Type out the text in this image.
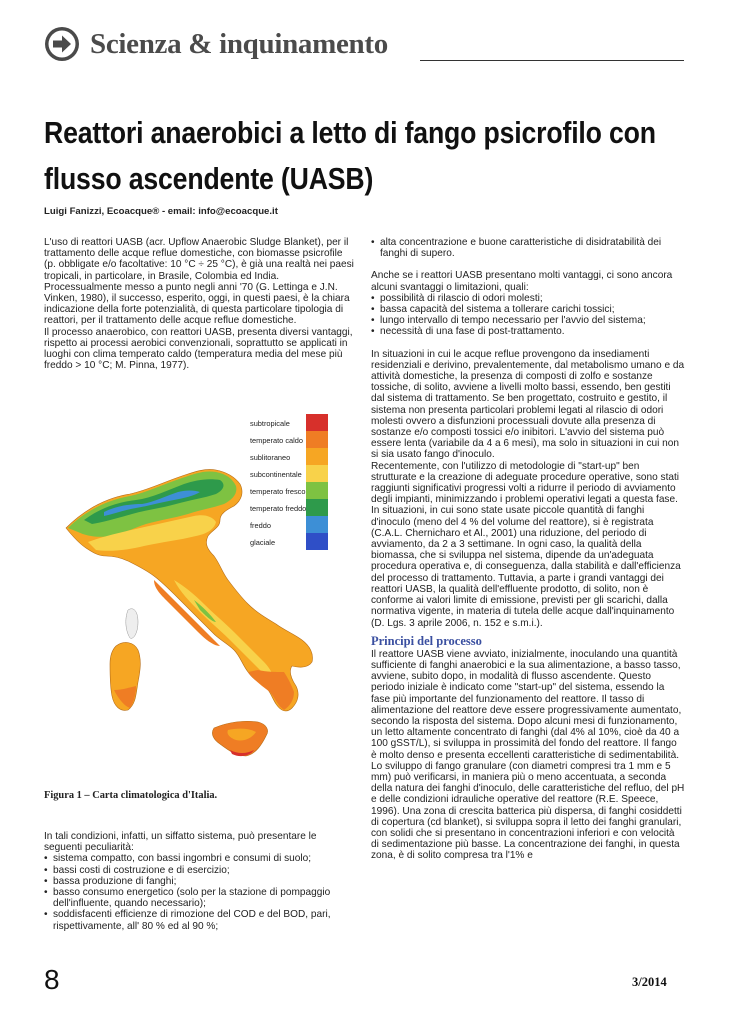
Scienza & inquinamento
Reattori anaerobici a letto di fango psicrofilo con
flusso ascendente (UASB)
Luigi Fanizzi, Ecoacque® - email: info@ecoacque.it

L'uso di reattori UASB (acr. Upflow Anaerobic Sludge Blanket), per il trattamento delle acque reflue domestiche, con biomasse psicrofile (p. obbligate e/o facoltative: 10 °C ÷ 25 °C), è già una realtà nei paesi tropicali, in particolare, in Brasile, Colombia ed India. Processualmente messo a punto negli anni '70 (G. Lettinga e J.N. Vinken, 1980), il successo, esperito, oggi, in questi paesi, è la chiara indicazione della forte potenzialità, di questa particolare tipologia di reattori, per il trattamento delle acque reflue domestiche.

Il processo anaerobico, con reattori UASB, presenta diversi vantaggi, rispetto ai processi aerobici convenzionali, soprattutto se applicati in luoghi con clima temperato caldo (temperatura media del mese più freddo > 10 °C; M. Pinna, 1977).

subtropicale
temperato caldo
sublitoraneo
subcontinentale
temperato fresco
temperato freddo
freddo
glaciale
Figura 1 – Carta climatologica d'Italia.

In tali condizioni, infatti, un siffatto sistema, può presentare le seguenti peculiarità:

• sistema compatto, con bassi ingombri e consumi di suolo;
• bassi costi di costruzione e di esercizio;
• bassa produzione di fanghi;
• basso consumo energetico (solo per la stazione di pompaggio dell'influente, quando necessario);
• soddisfacenti efficienze di rimozione del COD e del BOD, pari, rispettivamente, all' 80 % ed al 90 %;
• alta concentrazione e buone caratteristiche di disidratabilità dei fanghi di supero.

Anche se i reattori UASB presentano molti vantaggi, ci sono ancora alcuni svantaggi o limitazioni, quali:

• possibilità di rilascio di odori molesti;
• bassa capacità del sistema a tollerare carichi tossici;
• lungo intervallo di tempo necessario per l'avvio del sistema;
• necessità di una fase di post-trattamento.

In situazioni in cui le acque reflue provengono da insediamenti residenziali e derivino, prevalentemente, dal metabolismo umano e da attività domestiche, la presenza di composti di zolfo e sostanze tossiche, di solito, avviene a livelli molto bassi, essendo, ben gestiti dal sistema di trattamento. Se ben progettato, costruito e gestito, il sistema non presenta particolari problemi legati al rilascio di odori molesti ovvero a disfunzioni processuali dovute alla presenza di sostanze e/o composti tossici e/o inibitori. L'avvio del sistema può essere lenta (variabile da 4 a 6 mesi), ma solo in situazioni in cui non si sia usato fango d'inoculo.

Recentemente, con l'utilizzo di metodologie di "start-up" ben strutturate e la creazione di adeguate procedure operative, sono stati raggiunti significativi progressi volti a ridurre il periodo di avviamento degli impianti, minimizzando i problemi operativi legati a questa fase. In situazioni, in cui sono state usate piccole quantità di fanghi d'inoculo (meno del 4 % del volume del reattore), si è registrata (C.A.L. Chernicharo et Al., 2001) una riduzione, del periodo di avviamento, da 2 a 3 settimane. In ogni caso, la qualità della biomassa, che si sviluppa nel sistema, dipende da un'adeguata procedura operativa e, di conseguenza, dalla stabilità e dall'efficienza del processo di trattamento. Tuttavia, a parte i grandi vantaggi dei reattori UASB, la qualità dell'effluente prodotto, di solito, non è conforme ai valori limite di emissione, previsti per gli scarichi, dalla normativa vigente, in materia di tutela delle acque dall'inquinamento (D. Lgs. 3 aprile 2006, n. 152 e s.m.i.).

Principi del processo

Il reattore UASB viene avviato, inizialmente, inoculando una quantità sufficiente di fanghi anaerobici e la sua alimentazione, a basso tasso, avviene, subito dopo, in modalità di flusso ascendente. Questo periodo iniziale è indicato come "start-up" del sistema, essendo la fase più importante del funzionamento del reattore. Il tasso di alimentazione del reattore deve essere progressivamente aumentato, secondo la risposta del sistema. Dopo alcuni mesi di funzionamento, un letto altamente concentrato di fanghi (dal 4% al 10%, cioè da 40 a 100 gSST/L), si sviluppa in prossimità del fondo del reattore. Il fango è molto denso e presenta eccellenti caratteristiche di sedimentabilità. Lo sviluppo di fango granulare (con diametri compresi tra 1 mm e 5 mm) può verificarsi, in maniera più o meno accentuata, a seconda della natura dei fanghi d'inoculo, delle caratteristiche del refluo, del pH e delle condizioni idrauliche operative del reattore (R.E. Speece, 1996). Una zona di crescita batterica più dispersa, di fanghi cosiddetti di copertura (cd blanket), si sviluppa sopra il letto dei fanghi granulari, con solidi che si presentano in concentrazioni inferiori e con velocità di sedimentazione più basse. La concentrazione dei fanghi, in questa zona, è di solito compresa tra l'1% e

8	3/2014
